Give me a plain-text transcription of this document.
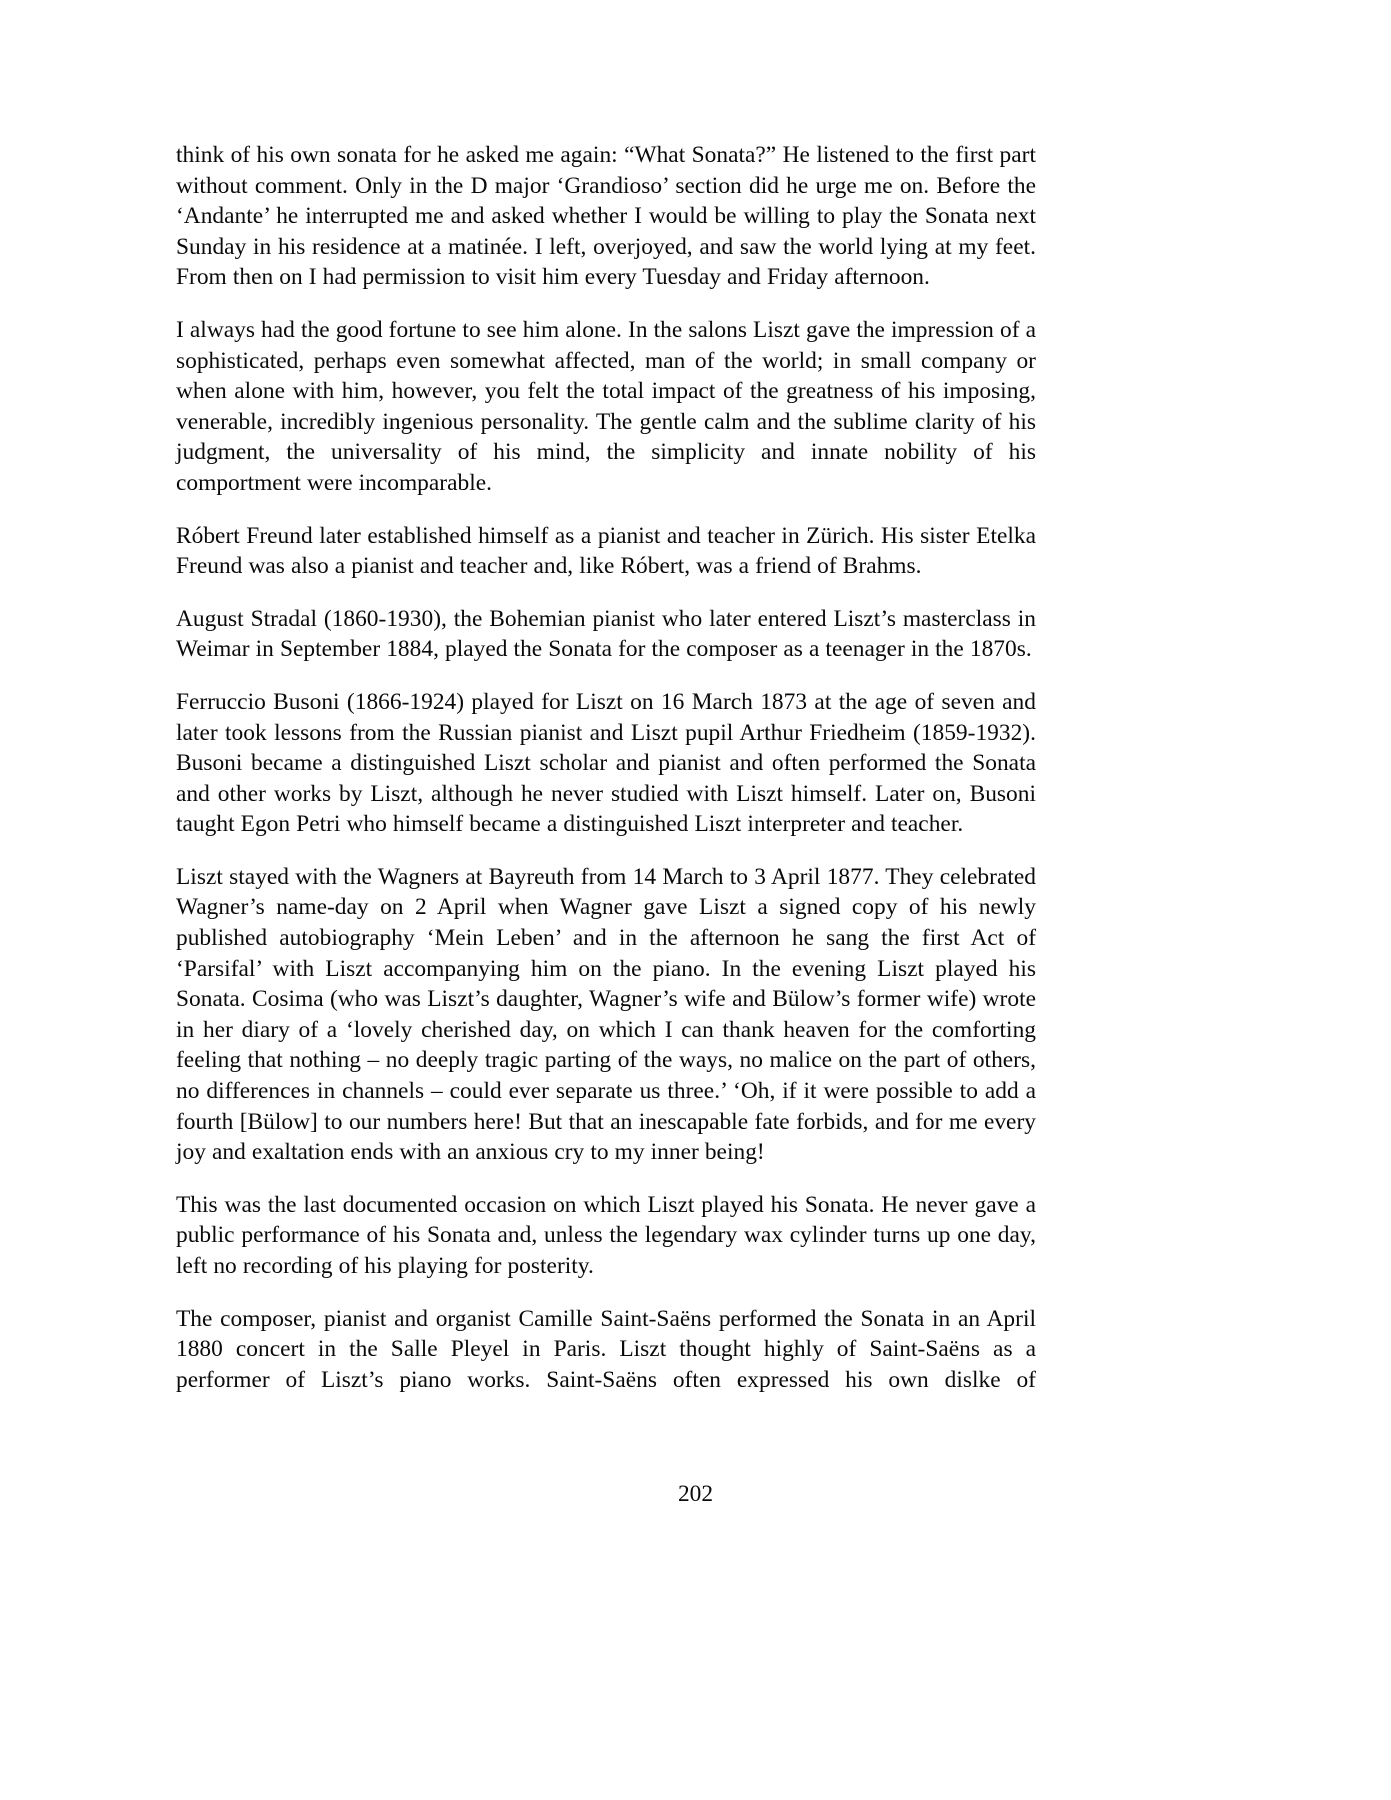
think of his own sonata for he asked me again: “What Sonata?” He listened to the first part without comment. Only in the D major ‘Grandioso’ section did he urge me on. Before the ‘Andante’ he interrupted me and asked whether I would be willing to play the Sonata next Sunday in his residence at a matinée. I left, overjoyed, and saw the world lying at my feet. From then on I had permission to visit him every Tuesday and Friday afternoon.

I always had the good fortune to see him alone. In the salons Liszt gave the impression of a sophisticated, perhaps even somewhat affected, man of the world; in small company or when alone with him, however, you felt the total impact of the greatness of his imposing, venerable, incredibly ingenious personality. The gentle calm and the sublime clarity of his judgment, the universality of his mind, the simplicity and innate nobility of his comportment were incomparable.

Róbert Freund later established himself as a pianist and teacher in Zürich. His sister Etelka Freund was also a pianist and teacher and, like Róbert, was a friend of Brahms.

August Stradal (1860-1930), the Bohemian pianist who later entered Liszt’s masterclass in Weimar in September 1884, played the Sonata for the composer as a teenager in the 1870s.

Ferruccio Busoni (1866-1924) played for Liszt on 16 March 1873 at the age of seven and later took lessons from the Russian pianist and Liszt pupil Arthur Friedheim (1859-1932). Busoni became a distinguished Liszt scholar and pianist and often performed the Sonata and other works by Liszt, although he never studied with Liszt himself. Later on, Busoni taught Egon Petri who himself became a distinguished Liszt interpreter and teacher.

Liszt stayed with the Wagners at Bayreuth from 14 March to 3 April 1877. They celebrated Wagner’s name-day on 2 April when Wagner gave Liszt a signed copy of his newly published autobiography ‘Mein Leben’ and in the afternoon he sang the first Act of ‘Parsifal’ with Liszt accompanying him on the piano. In the evening Liszt played his Sonata. Cosima (who was Liszt’s daughter, Wagner’s wife and Bülow’s former wife) wrote in her diary of a ‘lovely cherished day, on which I can thank heaven for the comforting feeling that nothing – no deeply tragic parting of the ways, no malice on the part of others, no differences in channels – could ever separate us three.’ ‘Oh, if it were possible to add a fourth [Bülow] to our numbers here! But that an inescapable fate forbids, and for me every joy and exaltation ends with an anxious cry to my inner being!

This was the last documented occasion on which Liszt played his Sonata. He never gave a public performance of his Sonata and, unless the legendary wax cylinder turns up one day, left no recording of his playing for posterity.

The composer, pianist and organist Camille Saint-Saëns performed the Sonata in an April 1880 concert in the Salle Pleyel in Paris. Liszt thought highly of Saint-Saëns as a performer of Liszt’s piano works. Saint-Saëns often expressed his own dislke of

202
